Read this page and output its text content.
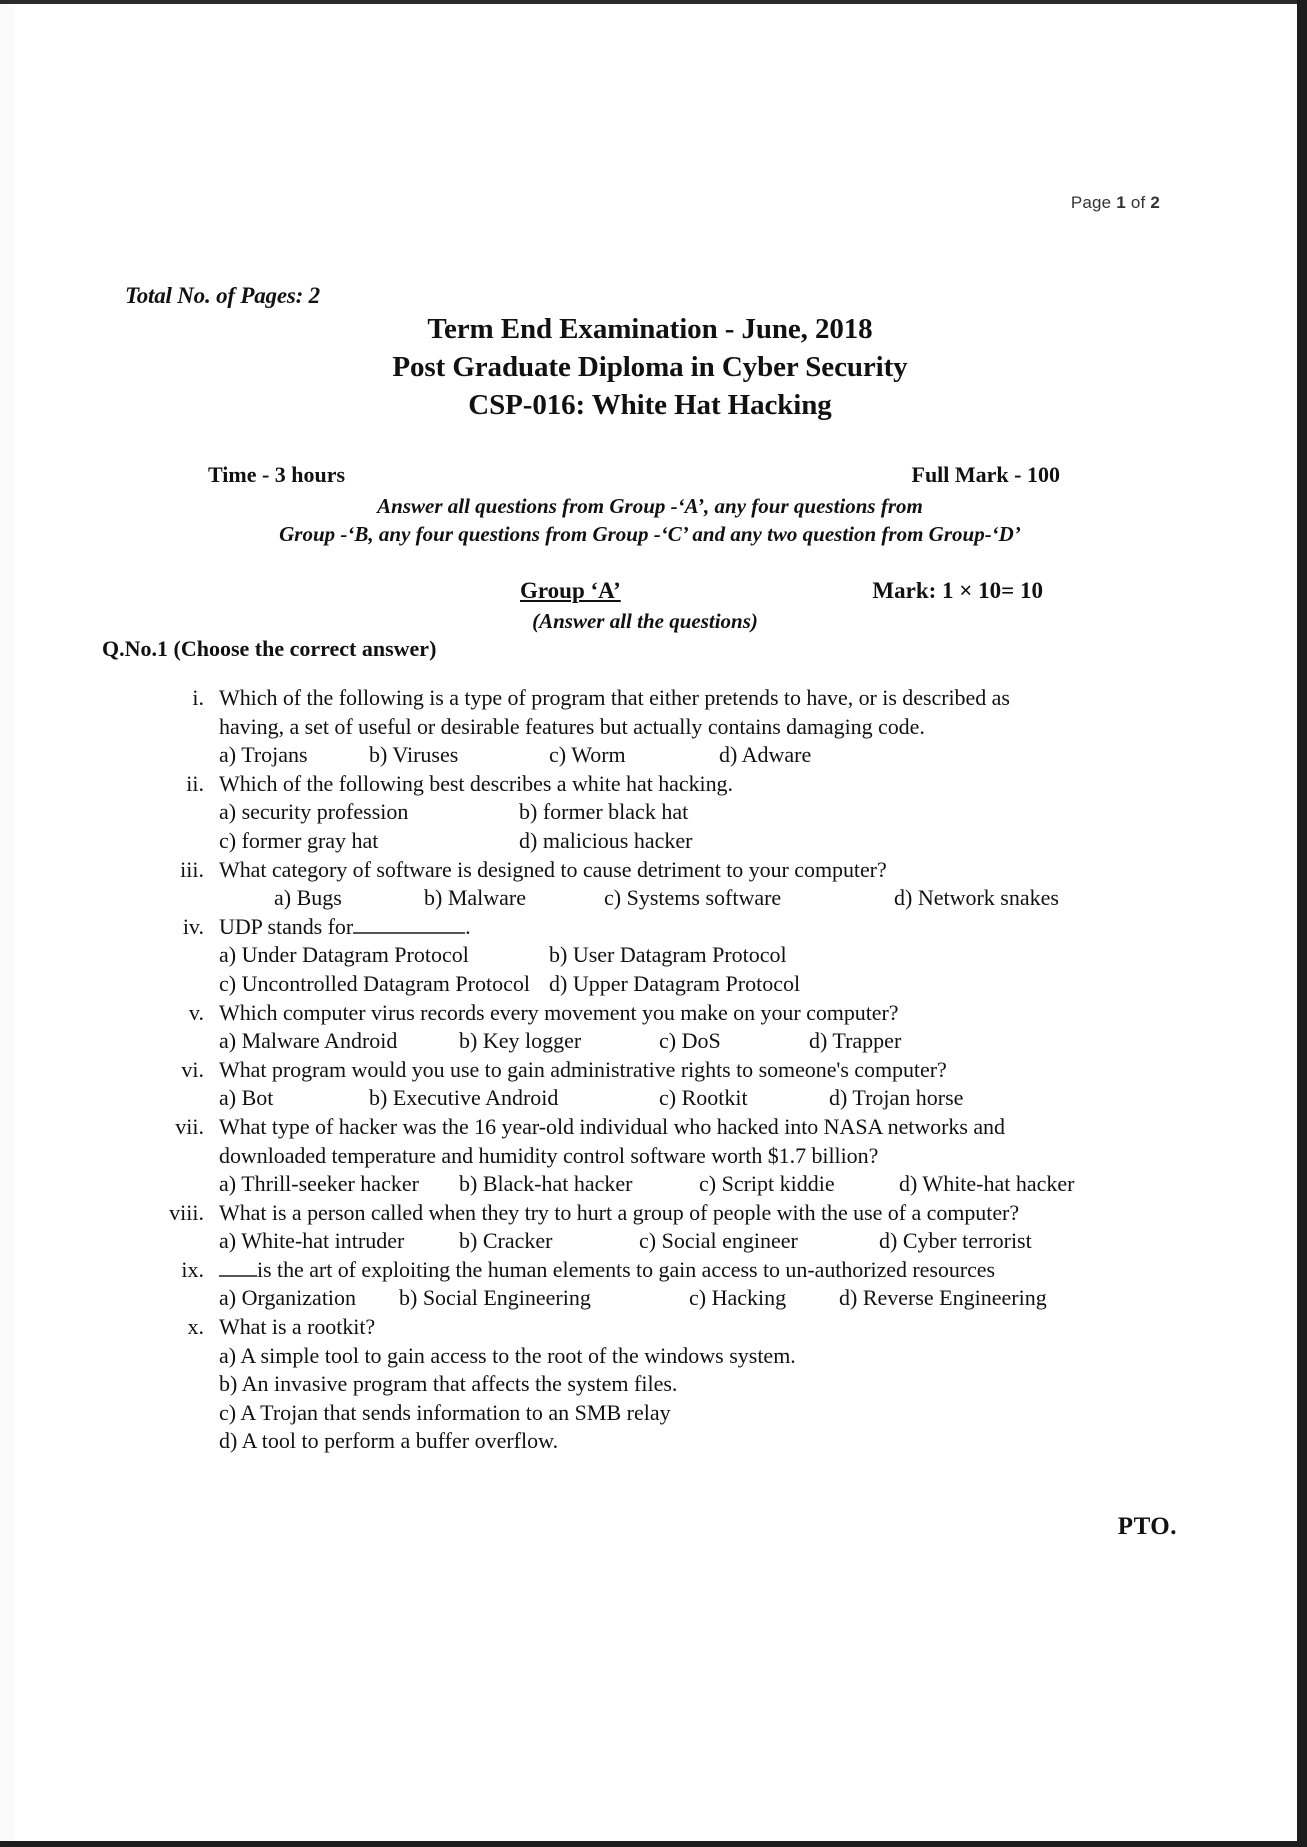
Page 1 of 2
Total No. of Pages: 2
Term End Examination - June, 2018
Post Graduate Diploma in Cyber Security
CSP-016: White Hat Hacking
Time - 3 hours	Full Mark - 100
Answer all questions from Group -‘A’, any four questions from
Group -‘B, any four questions from Group -‘C’ and any two question from Group-‘D’
Group ‘A’	Mark: 1 × 10= 10
(Answer all the questions)
Q.No.1 (Choose the correct answer)
i. Which of the following is a type of program that either pretends to have, or is described as
having, a set of useful or desirable features but actually contains damaging code.
a) Trojans	b) Viruses	c) Worm	d) Adware
ii. Which of the following best describes a white hat hacking.
a) security profession	b) former black hat
c) former gray hat	d) malicious hacker
iii. What category of software is designed to cause detriment to your computer?
a) Bugs	b) Malware	c) Systems software	d) Network snakes
iv. UDP stands for	.
a) Under Datagram Protocol	b) User Datagram Protocol
c) Uncontrolled Datagram Protocol d) Upper Datagram Protocol
v. Which computer virus records every movement you make on your computer?
a) Malware Android	b) Key logger	c) DoS	d) Trapper
vi. What program would you use to gain administrative rights to someone's computer?
a) Bot	b) Executive Android	c) Rootkit	d) Trojan horse
vii. What type of hacker was the 16 year-old individual who hacked into NASA networks and
downloaded temperature and humidity control software worth $1.7 billion?
a) Thrill-seeker hacker b) Black-hat hacker	c) Script kiddie	d) White-hat hacker
viii. What is a person called when they try to hurt a group of people with the use of a computer?
a) White-hat intruder b) Cracker	c) Social engineer	d) Cyber terrorist
ix.	is the art of exploiting the human elements to gain access to un-authorized resources
a) Organization b) Social Engineering	c) Hacking d) Reverse Engineering
x. What is a rootkit?
a) A simple tool to gain access to the root of the windows system.
b) An invasive program that affects the system files.
c) A Trojan that sends information to an SMB relay
d) A tool to perform a buffer overflow.
PTO.
